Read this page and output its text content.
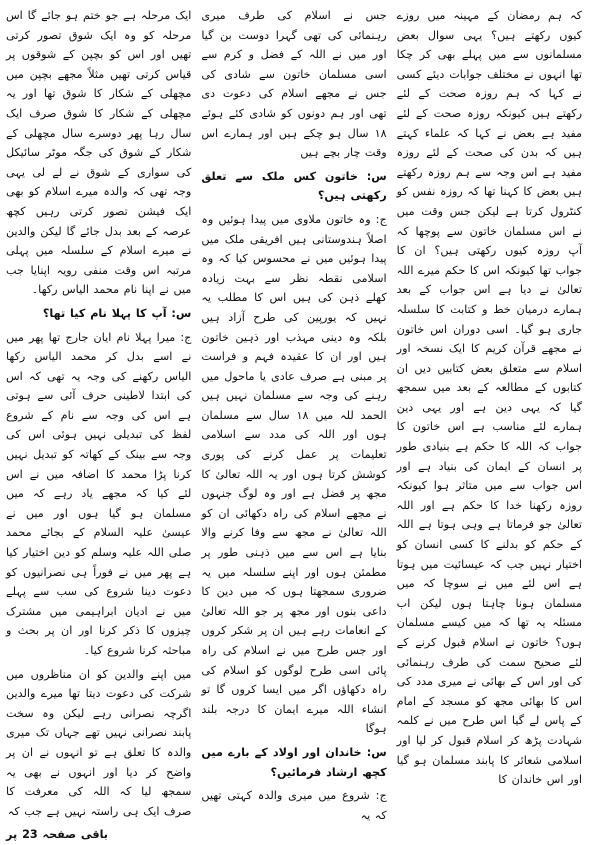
کہ ہم رمضان کے مہینہ میں روزے کیوں رکھتے ہیں؟ یہی سوال بعض مسلمانوں سے میں پہلے بھی کر چکا تھا انہوں نے مختلف جوابات دیئے کسی نے کہا کہ ہم روزہ صحت کے لئے رکھتے ہیں کیونکہ روزہ صحت کے لئے مفید ہے بعض نے کہا کہ علماء کہتے ہیں کہ بدن کی صحت کے لئے روزہ مفید ہے اس وجہ سے ہم روزہ رکھتے ہیں بعض کا کہنا تھا کہ روزہ نفس کو کنٹرول کرتا ہے لیکن جس وقت میں نے اس مسلمان خاتون سے پوچھا کہ آپ روزہ کیوں رکھتی ہیں؟ ان کا جواب تھا کیونکہ اس کا حکم میرے اللہ تعالیٰ نے دیا ہے اس جواب کے بعد ہمارے درمیان خط و کتابت کا سلسلہ جاری ہو گیا۔ اسی دوران اس خاتون نے مجھے قرآن کریم کا ایک نسخہ اور اسلام سے متعلق بعض کتابیں دیں ان کتابوں کے مطالعہ کے بعد میں سمجھ گیا کہ یہی دین ہے اور یہی دین ہمارے لئے مناسب ہے اس خاتون کا جواب کہ اللہ کا حکم ہے بنیادی طور پر انسان کے ایمان کی بنیاد ہے اور اس جواب سے میں متاثر ہوا کیونکہ روزہ رکھنا خدا کا حکم ہے اور اللہ تعالیٰ جو فرماتا ہے وہی ہوتا ہے اللہ کے حکم کو بدلنے کا کسی انسان کو اختیار نہیں جب کہ عیسائیت میں ہوتا ہے اس لئے میں نے سوچا کہ میں مسلمان ہونا چاہتا ہوں لیکن اب مسئلہ یہ تھا کہ میں کیسے مسلمان ہوں؟ خاتون نے اسلام قبول کرنے کے لئے صحیح سمت کی طرف رہنمائی کی اور اس کے بھائی نے میری مدد کی اس کا بھائی مجھ کو مسجد کے امام کے پاس لے گیا اس طرح میں نے کلمہ شہادت پڑھ کر اسلام قبول کر لیا اور اسلامی شعائر کا پابند مسلمان ہو گیا اور اس خاندان کا

جس نے اسلام کی طرف میری رہنمائی کی تھی گہرا دوست بن گیا اور میں نے اللہ کے فضل و کرم سے اسی مسلمان خاتون سے شادی کی جس نے مجھے اسلام کی دعوت دی تھی اور ہم دونوں کو شادی کئے ہوئے ۱۸ سال ہو چکے ہیں اور ہمارے اس وقت چار بچے ہیں

س: خاتون کس ملک سے تعلق رکھتی ہیں؟

ج: وہ خاتون ملاوی میں پیدا ہوئیں وہ اصلاً ہندوستانی ہیں افریقی ملک میں پیدا ہوئیں میں نے محسوس کیا کہ وہ اسلامی نقطہ نظر سے بہت زیادہ کھلے ذہن کی ہیں اس کا مطلب یہ نہیں کہ یورپین کی طرح آزاد ہیں بلکہ وہ دینی مہذب اور ذہین خاتون ہیں اور ان کا عقیدہ فہم و فراست پر مبنی ہے صرف عادی یا ماحول میں رہنے کی وجہ سے مسلمان نہیں ہیں الحمد للہ میں ۱۸ سال سے مسلمان ہوں اور اللہ کی مدد سے اسلامی تعلیمات پر عمل کرنے کی پوری کوشش کرتا ہوں اور یہ اللہ تعالیٰ کا مجھ پر فضل ہے اور وہ لوگ جنہوں نے مجھے اسلام کی راہ دکھائی ان کو اللہ تعالیٰ نے مجھ سے وفا کرنے والا بنایا ہے اس سے میں ذہنی طور پر مطمئن ہوں اور اپنے سلسلہ میں یہ ضروری سمجھتا ہوں کہ میں دین کا داعی بنوں اور مجھ پر جو اللہ تعالیٰ کے انعامات رہے ہیں ان پر شکر کروں اور جس طرح میں نے اسلام کی راہ پائی اسی طرح لوگوں کو اسلام کی راہ دکھاؤں اگر میں ایسا کروں گا تو انشاء اللہ میرے ایمان کا درجہ بلند ہوگا

س: خاندان اور اولاد کے بارے میں کچھ ارشاد فرمائیں؟

ج: شروع میں میری والدہ کہتی تھیں کہ یہ

ایک مرحلہ ہے جو ختم ہو جائے گا اس مرحلہ کو وہ ایک شوق تصور کرتی تھیں اور اس کو بچپن کے شوقوں پر قیاس کرتی تھیں مثلاً مجھے بچپن میں مچھلی کے شکار کا شوق تھا اور یہ مچھلی کے شکار کا شوق صرف ایک سال رہا پھر دوسرے سال مچھلی کے شکار کے شوق کی جگہ موٹر سائیکل کی سواری کے شوق نے لے لی یہی وجہ تھی کہ والدہ میرے اسلام کو بھی ایک فیشن تصور کرتی رہیں کچھ عرصہ کے بعد بدل جائے گا لیکن والدین نے میرے اسلام کے سلسلہ میں پہلی مرتبہ اس وقت منفی رویہ اپنایا جب میں نے اپنا نام محمد الیاس رکھا۔

س: آپ کا پہلا نام کیا تھا؟

ج: میرا پہلا نام ایان جارج تھا پھر میں نے اسے بدل کر محمد الیاس رکھا الیاس رکھنے کی وجہ یہ تھی کہ اس کی ابتدا لاطینی حرف آئی سے ہوتی ہے اس کی وجہ سے نام کے شروع لفظ کی تبدیلی نہیں ہوئی اس کی وجہ سے بینک کے کھاتہ کو تبدیل نہیں کرنا پڑا محمد کا اضافہ میں نے اس لئے کیا کہ مجھے یاد رہے کہ میں مسلمان ہو گیا ہوں اور میں نے عیسیٰ علیہ السلام کے بجائے محمد صلی اللہ علیہ وسلم کو دین اختیار کیا ہے پھر میں نے فوراً ہی نصرانیوں کو دعوت دینا شروع کی سب سے پہلے میں نے ادیان ابراہیمی میں مشترک چیزوں کا ذکر کرنا اور ان پر بحث و مباحثہ کرنا شروع کیا۔

میں اپنے والدین کو ان مناظروں میں شرکت کی دعوت دیتا تھا میرے والدین اگرچہ نصرانی رہے لیکن وہ سخت پابند نصرانی نہیں تھے جہاں تک میری والدہ کا تعلق ہے تو انہوں نے ان پر واضح کر دیا اور انہوں نے بھی یہ سمجھ لیا کہ اللہ کی معرفت کا صرف ایک ہی راستہ نہیں ہے جب کہ

باقی صفحہ 23 پر
